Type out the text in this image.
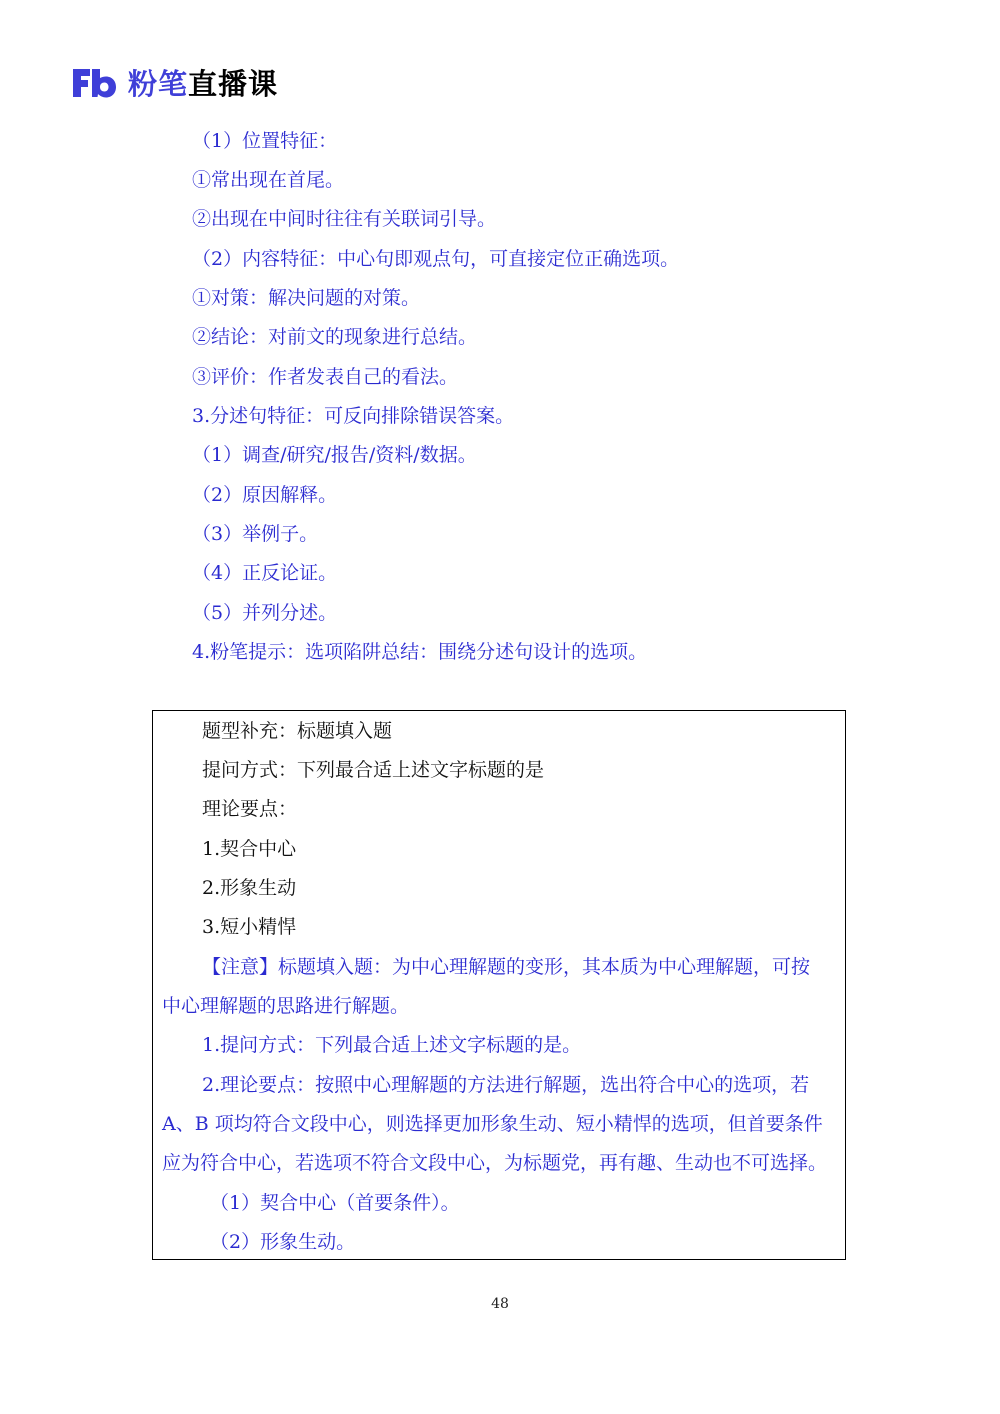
粉笔直播课
（1）位置特征：
①常出现在首尾。
②出现在中间时往往有关联词引导。
（2）内容特征：中心句即观点句，可直接定位正确选项。
①对策：解决问题的对策。
②结论：对前文的现象进行总结。
③评价：作者发表自己的看法。
3.分述句特征：可反向排除错误答案。
（1）调查/研究/报告/资料/数据。
（2）原因解释。
（3）举例子。
（4）正反论证。
（5）并列分述。
4.粉笔提示：选项陷阱总结：围绕分述句设计的选项。
题型补充：标题填入题
提问方式：下列最合适上述文字标题的是
理论要点：
1.契合中心
2.形象生动
3.短小精悍
【注意】标题填入题：为中心理解题的变形，其本质为中心理解题，可按
中心理解题的思路进行解题。
1.提问方式：下列最合适上述文字标题的是。
2.理论要点：按照中心理解题的方法进行解题，选出符合中心的选项，若
A、B 项均符合文段中心，则选择更加形象生动、短小精悍的选项，但首要条件
应为符合中心，若选项不符合文段中心，为标题党，再有趣、生动也不可选择。
（1）契合中心（首要条件）。
（2）形象生动。
48
